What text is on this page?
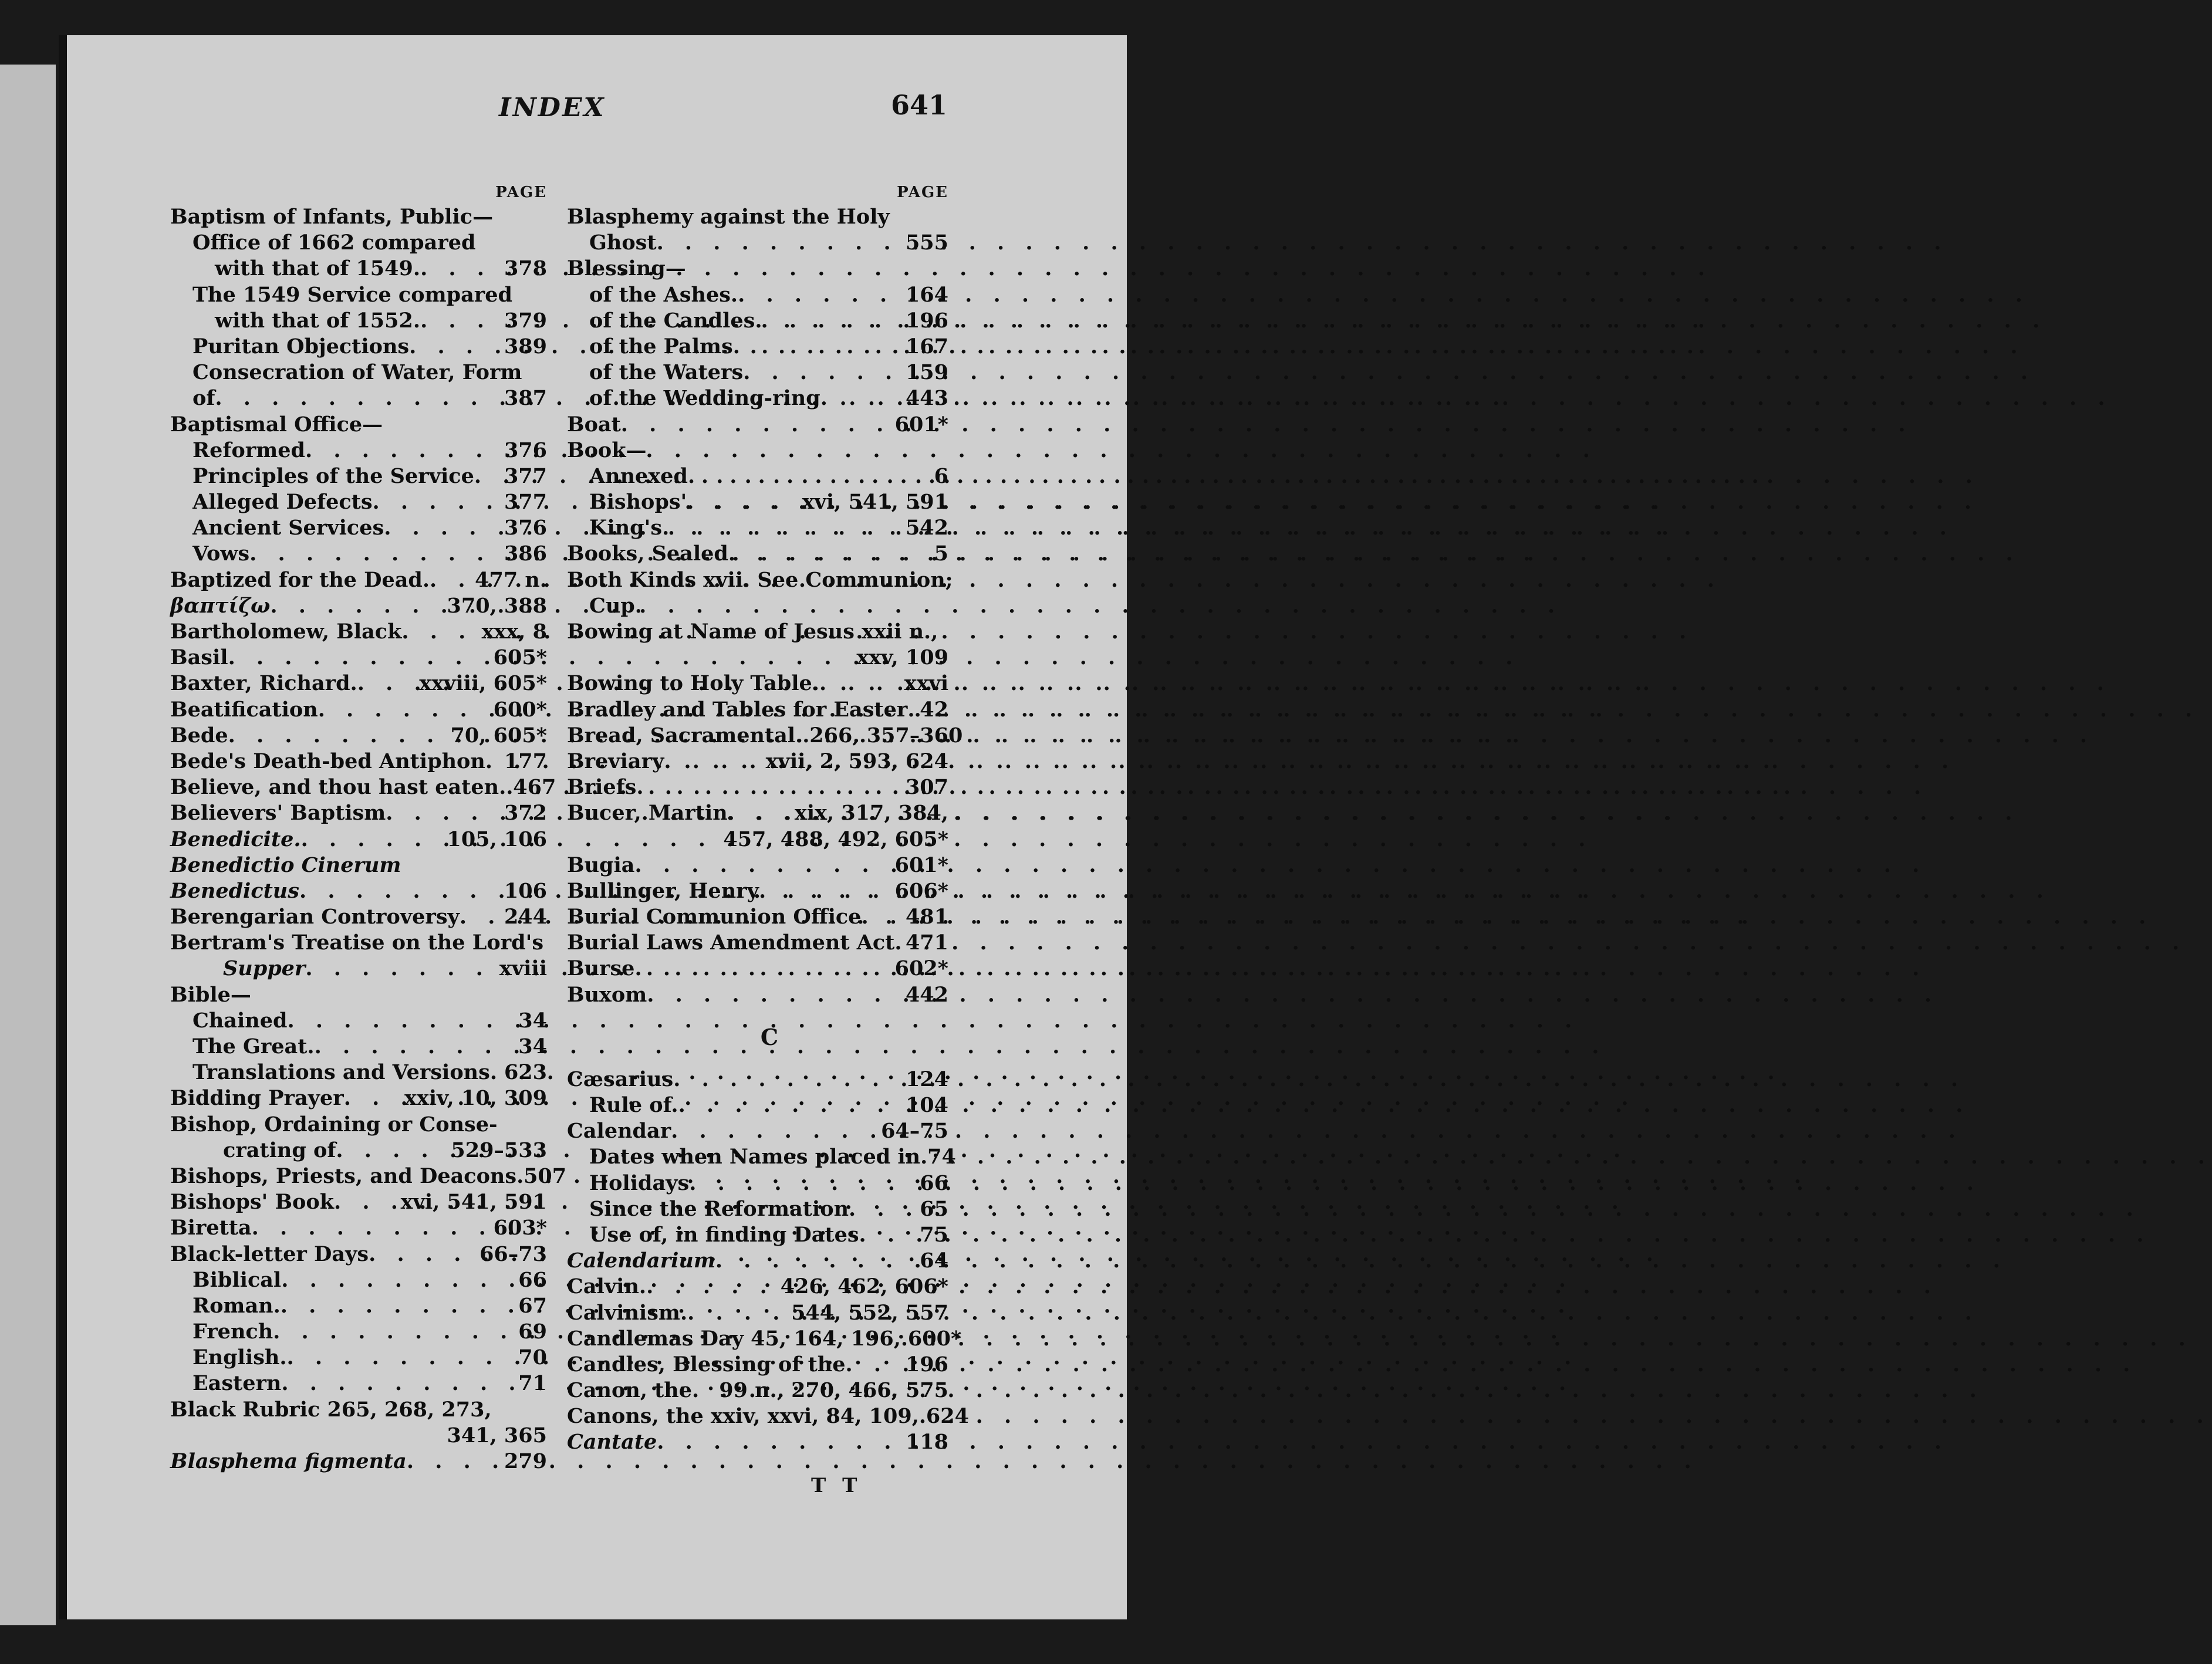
INDEX	641
PAGE
Baptism of Infants, Public—
Office of 1662 compared
with that of 1549. . . .	378
The 1549 Service compared
with that of 1552. . . .	379
Puritan Objections . . .	389
Consecration of Water, Form
of . . .	387
Baptismal Office—
Reformed . . .	376
Principles of the Service . . . 377
Alleged Defects . . .	377
Ancient Services . . .	376
Vows . . .	386
Baptized for the Dead. . . . 477 n.
βαπτίζω . . .	370, 388
Bartholomew, Black . . .	xxx, 8
Basil . . .	605*
Baxter, Richard. . . .	xxviii, 605*
Beatification . . .	600*
Bede . . .	70, 605*
Bede's Death-bed Antiphon . . . 177
Believe, and thou hast eaten. . . . 467
Believers' Baptism . . .	372
Benedicite. . . .	105, 106
Benedictio Cinerum
Benedictus . . .	106
Berengarian Controversy . . . 244
Bertram's Treatise on the Lord's
Supper . . .	xviii
Bible—
Chained . . .	34
The Great. . . .	34
Translations and Versions . . . 623
Bidding Prayer . . .	xxiv, 10, 309
Bishop, Ordaining or Conse-
crating of . . .	529–533
Bishops, Priests, and Deacons . . . 507
Bishops' Book . . .	xvi, 541, 591
Biretta . . .	603*
Black-letter Days . . .	66–73
Biblical . . .	66
Roman. . . .	67
French . . .	69
English. . . .	70
Eastern . . .	71
Black Rubric 265, 268, 273,
341, 365
Blasphema figmenta . . .	279
PAGE
Blasphemy against the Holy
Ghost . . .	555
Blessing—
of the Ashes. . . .	164
of the Candles . . .	196
of the Palms . . .	167
of the Waters . . .	159
of the Wedding-ring . . .	443
Boat . . .	601*
Book—
Annexed . . .	6
Bishops' . . .	xvi, 541, 591
King's . . .	542
Books, Sealed . . .	5
Both Kinds xvii. See Communion;
Cup.
Bowing at Name of Jesus xxii n.,
xxv, 109
Bowing to Holy Table. . . .	xxvi
Bradley and Tables for Easter . . . 42
Bread, Sacramental. . . . 266, 357–360
Breviary . . .	xvii, 2, 593, 624
Briefs . . .	307
Bucer, Martin . . .	xix, 317, 384,
457, 488, 492, 605*
Bugia . . .	601*
Bullinger, Henry . . .	606*
Burial Communion Office . . . 481
Burial Laws Amendment Act . . . 471
Burse . . .	602*
Buxom . . .	442
C
Cæsarius . . .	124
Rule of. . . .	104
Calendar . . .	64–75
Dates when Names placed in . . . 74
Holidays . . .	66
Since the Reformation . . .	65
Use of, in finding Dates . . .	75
Calendarium . . .	64
Calvin. . . .	426, 462, 606*
Calvinism. . . .	544, 552, 557
Candlemas Day 45, 164, 196, . . . 600*
Candles, Blessing of the . . .	196
Canon, the . . . 99 n., 270, 466, 575
Canons, the xxiv, xxvi, 84, 109, . . . 624
Cantate . . .	118
T T
